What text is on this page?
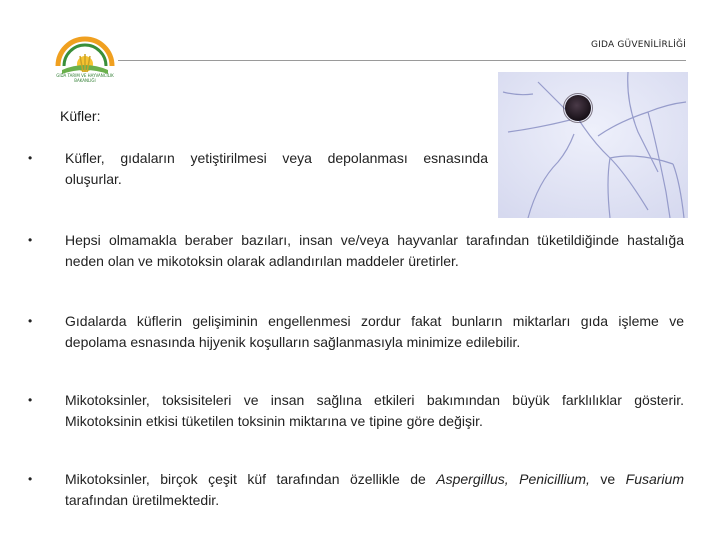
GIDA TARIM VE HAYVANCILIK BAKANLIĞI
GIDA GÜVENİLİRLİĞİ
Küfler:
• Küfler, gıdaların yetiştirilmesi veya depolanması esnasında oluşurlar.
• Hepsi olmamakla beraber bazıları, insan ve/veya hayvanlar tarafından tüketildiğinde hastalığa neden olan ve mikotoksin olarak adlandırılan maddeler üretirler.
• Gıdalarda küflerin gelişiminin engellenmesi zordur fakat bunların miktarları gıda işleme ve depolama esnasında hijyenik koşulların sağlanmasıyla minimize edilebilir.
• Mikotoksinler, toksisiteleri ve insan sağlına etkileri bakımından büyük farklılıklar gösterir. Mikotoksinin etkisi tüketilen toksinin miktarına ve tipine göre değişir.
• Mikotoksinler, birçok çeşit küf tarafından özellikle de Aspergillus, Penicillium, ve Fusarium tarafından üretilmektedir.
